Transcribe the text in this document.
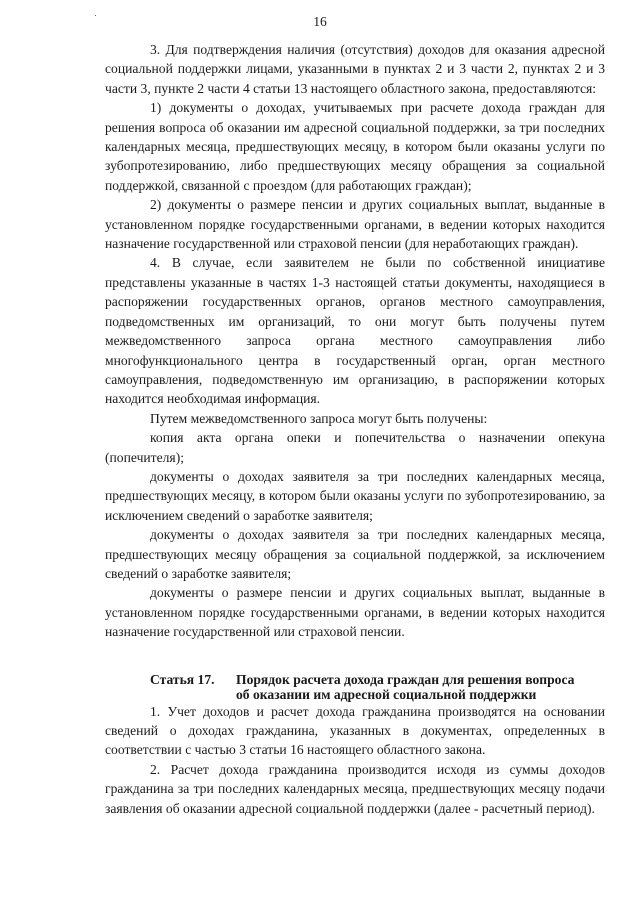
16

3. Для подтверждения наличия (отсутствия) доходов для оказания адресной социальной поддержки лицами, указанными в пунктах 2 и 3 части 2, пунктах 2 и 3 части 3, пункте 2 части 4 статьи 13 настоящего областного закона, предоставляются:

1) документы о доходах, учитываемых при расчете дохода граждан для решения вопроса об оказании им адресной социальной поддержки, за три последних календарных месяца, предшествующих месяцу, в котором были оказаны услуги по зубопротезированию, либо предшествующих месяцу обращения за социальной поддержкой, связанной с проездом (для работающих граждан);

2) документы о размере пенсии и других социальных выплат, выданные в установленном порядке государственными органами, в ведении которых находится назначение государственной или страховой пенсии (для неработающих граждан).

4. В случае, если заявителем не были по собственной инициативе представлены указанные в частях 1-3 настоящей статьи документы, находящиеся в распоряжении государственных органов, органов местного самоуправления, подведомственных им организаций, то они могут быть получены путем межведомственного запроса органа местного самоуправления либо многофункционального центра в государственный орган, орган местного самоуправления, подведомственную им организацию, в распоряжении которых находится необходимая информация.

Путем межведомственного запроса могут быть получены:

копия акта органа опеки и попечительства о назначении опекуна (попечителя);

документы о доходах заявителя за три последних календарных месяца, предшествующих месяцу, в котором были оказаны услуги по зубопротезированию, за исключением сведений о заработке заявителя;

документы о доходах заявителя за три последних календарных месяца, предшествующих месяцу обращения за социальной поддержкой, за исключением сведений о заработке заявителя;

документы о размере пенсии и других социальных выплат, выданные в установленном порядке государственными органами, в ведении которых находится назначение государственной или страховой пенсии.

Статья 17. Порядок расчета дохода граждан для решения вопроса
об оказании им адресной социальной поддержки

1. Учет доходов и расчет дохода гражданина производятся на основании сведений о доходах гражданина, указанных в документах, определенных в соответствии с частью 3 статьи 16 настоящего областного закона.

2. Расчет дохода гражданина производится исходя из суммы доходов гражданина за три последних календарных месяца, предшествующих месяцу подачи заявления об оказании адресной социальной поддержки (далее - расчетный период).
